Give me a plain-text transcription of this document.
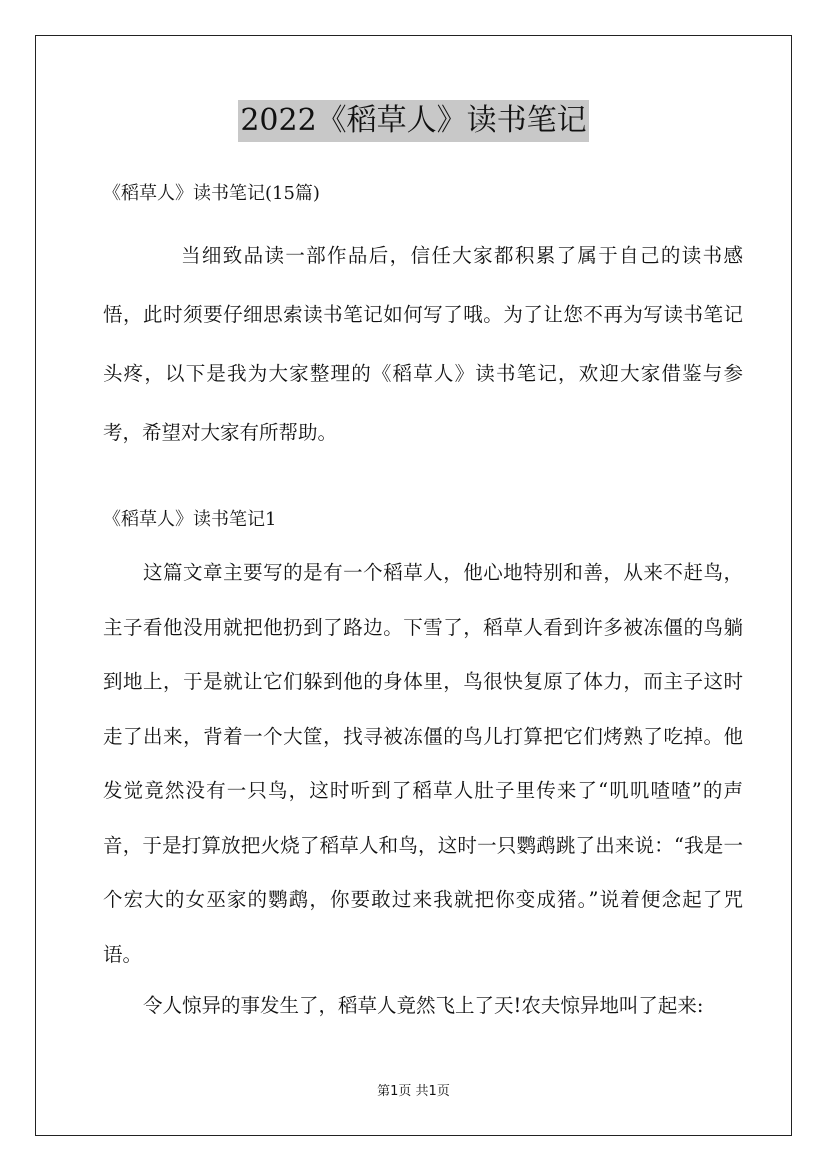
2022《稻草人》读书笔记
《稻草人》读书笔记(15篇)
当细致品读一部作品后，信任大家都积累了属于自己的读书感悟，此时须要仔细思索读书笔记如何写了哦。为了让您不再为写读书笔记头疼，以下是我为大家整理的《稻草人》读书笔记，欢迎大家借鉴与参考，希望对大家有所帮助。
《稻草人》读书笔记1
这篇文章主要写的是有一个稻草人，他心地特别和善，从来不赶鸟，主子看他没用就把他扔到了路边。下雪了，稻草人看到许多被冻僵的鸟躺到地上，于是就让它们躲到他的身体里，鸟很快复原了体力，而主子这时走了出来，背着一个大筐，找寻被冻僵的鸟儿打算把它们烤熟了吃掉。他发觉竟然没有一只鸟，这时听到了稻草人肚子里传来了“叽叽喳喳”的声音，于是打算放把火烧了稻草人和鸟，这时一只鹦鹉跳了出来说：“我是一个宏大的女巫家的鹦鹉，你要敢过来我就把你变成猪。”说着便念起了咒语。
令人惊异的事发生了，稻草人竟然飞上了天!农夫惊异地叫了起来:
第1页 共1页
